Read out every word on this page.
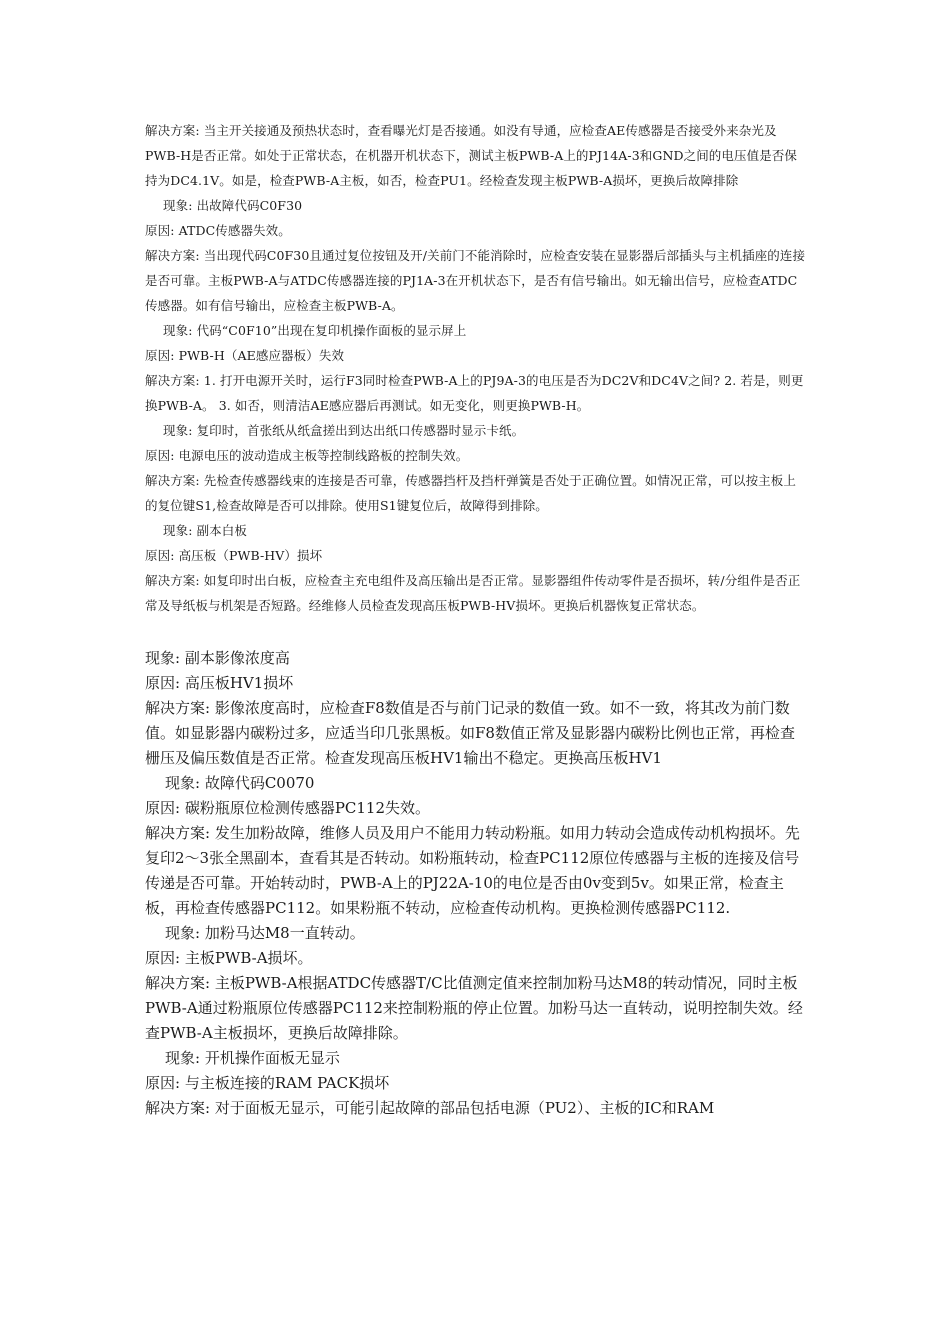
解决方案: 当主开关接通及预热状态时，查看曝光灯是否接通。如没有导通，应检查AE传感器是否接受外来杂光及PWB-H是否正常。如处于正常状态，在机器开机状态下，测试主板PWB-A上的PJ14A-3和GND之间的电压值是否保持为DC4.1V。如是，检查PWB-A主板，如否，检查PU1。经检查发现主板PWB-A损坏，更换后故障排除

现象: 出故障代码C0F30

原因: ATDC传感器失效。

解决方案: 当出现代码C0F30且通过复位按钮及开/关前门不能消除时，应检查安装在显影器后部插头与主机插座的连接是否可靠。主板PWB-A与ATDC传感器连接的PJ1A-3在开机状态下，是否有信号输出。如无输出信号，应检查ATDC传感器。如有信号输出，应检查主板PWB-A。

现象: 代码“C0F10”出现在复印机操作面板的显示屏上

原因: PWB-H（AE感应器板）失效

解决方案: 1. 打开电源开关时，运行F3同时检查PWB-A上的PJ9A-3的电压是否为DC2V和DC4V之间? 2. 若是，则更换PWB-A。 3. 如否，则清洁AE感应器后再测试。如无变化，则更换PWB-H。

现象: 复印时，首张纸从纸盒搓出到达出纸口传感器时显示卡纸。

原因: 电源电压的波动造成主板等控制线路板的控制失效。

解决方案: 先检查传感器线束的连接是否可靠，传感器挡杆及挡杆弹簧是否处于正确位置。如情况正常，可以按主板上的复位键S1,检查故障是否可以排除。使用S1键复位后，故障得到排除。

现象: 副本白板

原因: 高压板（PWB-HV）损坏

解决方案: 如复印时出白板，应检查主充电组件及高压输出是否正常。显影器组件传动零件是否损坏，转/分组件是否正常及导纸板与机架是否短路。经维修人员检查发现高压板PWB-HV损坏。更换后机器恢复正常状态。

现象: 副本影像浓度高

原因: 高压板HV1损坏

解决方案: 影像浓度高时，应检查F8数值是否与前门记录的数值一致。如不一致，将其改为前门数值。如显影器内碳粉过多，应适当印几张黑板。如F8数值正常及显影器内碳粉比例也正常，再检查栅压及偏压数值是否正常。检查发现高压板HV1输出不稳定。更换高压板HV1

现象: 故障代码C0070

原因: 碳粉瓶原位检测传感器PC112失效。

解决方案: 发生加粉故障，维修人员及用户不能用力转动粉瓶。如用力转动会造成传动机构损坏。先复印2～3张全黑副本，查看其是否转动。如粉瓶转动，检查PC112原位传感器与主板的连接及信号传递是否可靠。开始转动时，PWB-A上的PJ22A-10的电位是否由0v变到5v。如果正常，检查主板，再检查传感器PC112。如果粉瓶不转动，应检查传动机构。更换检测传感器PC112.

现象: 加粉马达M8一直转动。

原因: 主板PWB-A损坏。

解决方案: 主板PWB-A根据ATDC传感器T/C比值测定值来控制加粉马达M8的转动情况，同时主板PWB-A通过粉瓶原位传感器PC112来控制粉瓶的停止位置。加粉马达一直转动，说明控制失效。经查PWB-A主板损坏，更换后故障排除。

现象: 开机操作面板无显示

原因: 与主板连接的RAM PACK损坏

解决方案: 对于面板无显示，可能引起故障的部品包括电源（PU2）、主板的IC和RAM
